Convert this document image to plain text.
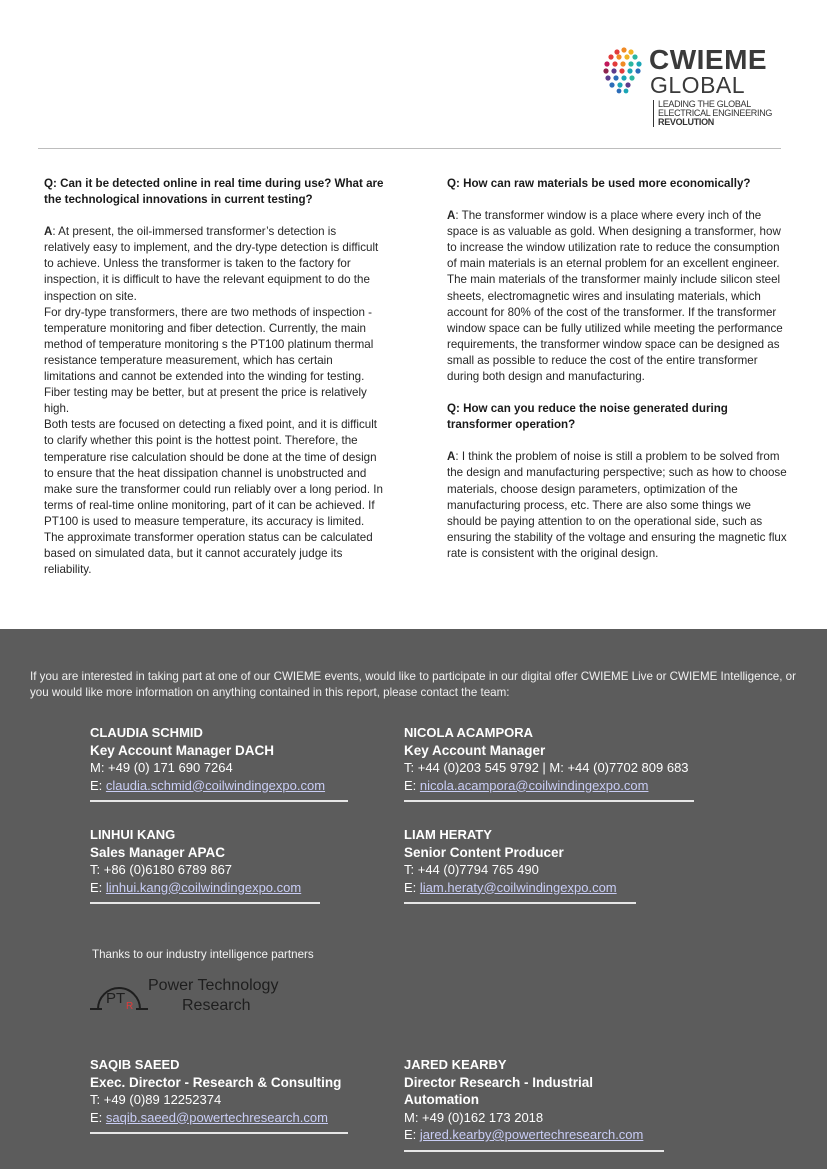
CWIEME
GLOBAL
LEADING THE GLOBAL
ELECTRICAL ENGINEERING
REVOLUTION
Q: Can it be detected online in real time during use? What are the technological innovations in current testing?

A: At present, the oil-immersed transformer’s detection is relatively easy to implement, and the dry-type detection is difficult to achieve. Unless the transformer is taken to the factory for inspection, it is difficult to have the relevant equipment to do the inspection on site.

For dry-type transformers, there are two methods of inspection - temperature monitoring and fiber detection. Currently, the main method of temperature monitoring s the PT100 platinum thermal resistance temperature measurement, which has certain limitations and cannot be extended into the winding for testing. Fiber testing may be better, but at present the price is relatively high.

Both tests are focused on detecting a fixed point, and it is difficult to clarify whether this point is the hottest point. Therefore, the temperature rise calculation should be done at the time of design to ensure that the heat dissipation channel is unobstructed and make sure the transformer could run reliably over a long period. In terms of real-time online monitoring, part of it can be achieved. If PT100 is used to measure temperature, its accuracy is limited. The approximate transformer operation status can be calculated based on simulated data, but it cannot accurately judge its reliability.

Q: How can raw materials be used more economically?
A: The transformer window is a place where every inch of the space is as valuable as gold. When designing a transformer, how to increase the window utilization rate to reduce the consumption of main materials is an eternal problem for an excellent engineer. The main materials of the transformer mainly include silicon steel sheets, electromagnetic wires and insulating materials, which account for 80% of the cost of the transformer. If the transformer window space can be fully utilized while meeting the performance requirements, the transformer window space can be designed as small as possible to reduce the cost of the entire transformer during both design and manufacturing.
Q: How can you reduce the noise generated during transformer operation?
A: I think the problem of noise is still a problem to be solved from the design and manufacturing perspective; such as how to choose materials, choose design parameters, optimization of the manufacturing process, etc. There are also some things we should be paying attention to on the operational side, such as ensuring the stability of the voltage and ensuring the magnetic flux rate is consistent with the original design.
If you are interested in taking part at one of our CWIEME events, would like to participate in our digital offer CWIEME Live or CWIEME Intelligence, or you would like more information on anything contained in this report, please contact the team:
CLAUDIA SCHMID
Key Account Manager DACH
M: +49 (0) 171 690 7264
E: claudia.schmid@coilwindingexpo.com
NICOLA ACAMPORA
Key Account Manager
T: +44 (0)203 545 9792 | M: +44 (0)7702 809 683
E: nicola.acampora@coilwindingexpo.com
LINHUI KANG
Sales Manager APAC
T: +86 (0)6180 6789 867
E: linhui.kang@coilwindingexpo.com
LIAM HERATY
Senior Content Producer
T: +44 (0)7794 765 490
E: liam.heraty@coilwindingexpo.com
Thanks to our industry intelligence partners
PT R
Power Technology
Research
SAQIB SAEED
Exec. Director - Research & Consulting
T: +49 (0)89 12252374
E: saqib.saeed@powertechresearch.com
JARED KEARBY
Director Research - Industrial Automation
M: +49 (0)162 173 2018
E: jared.kearby@powertechresearch.com
